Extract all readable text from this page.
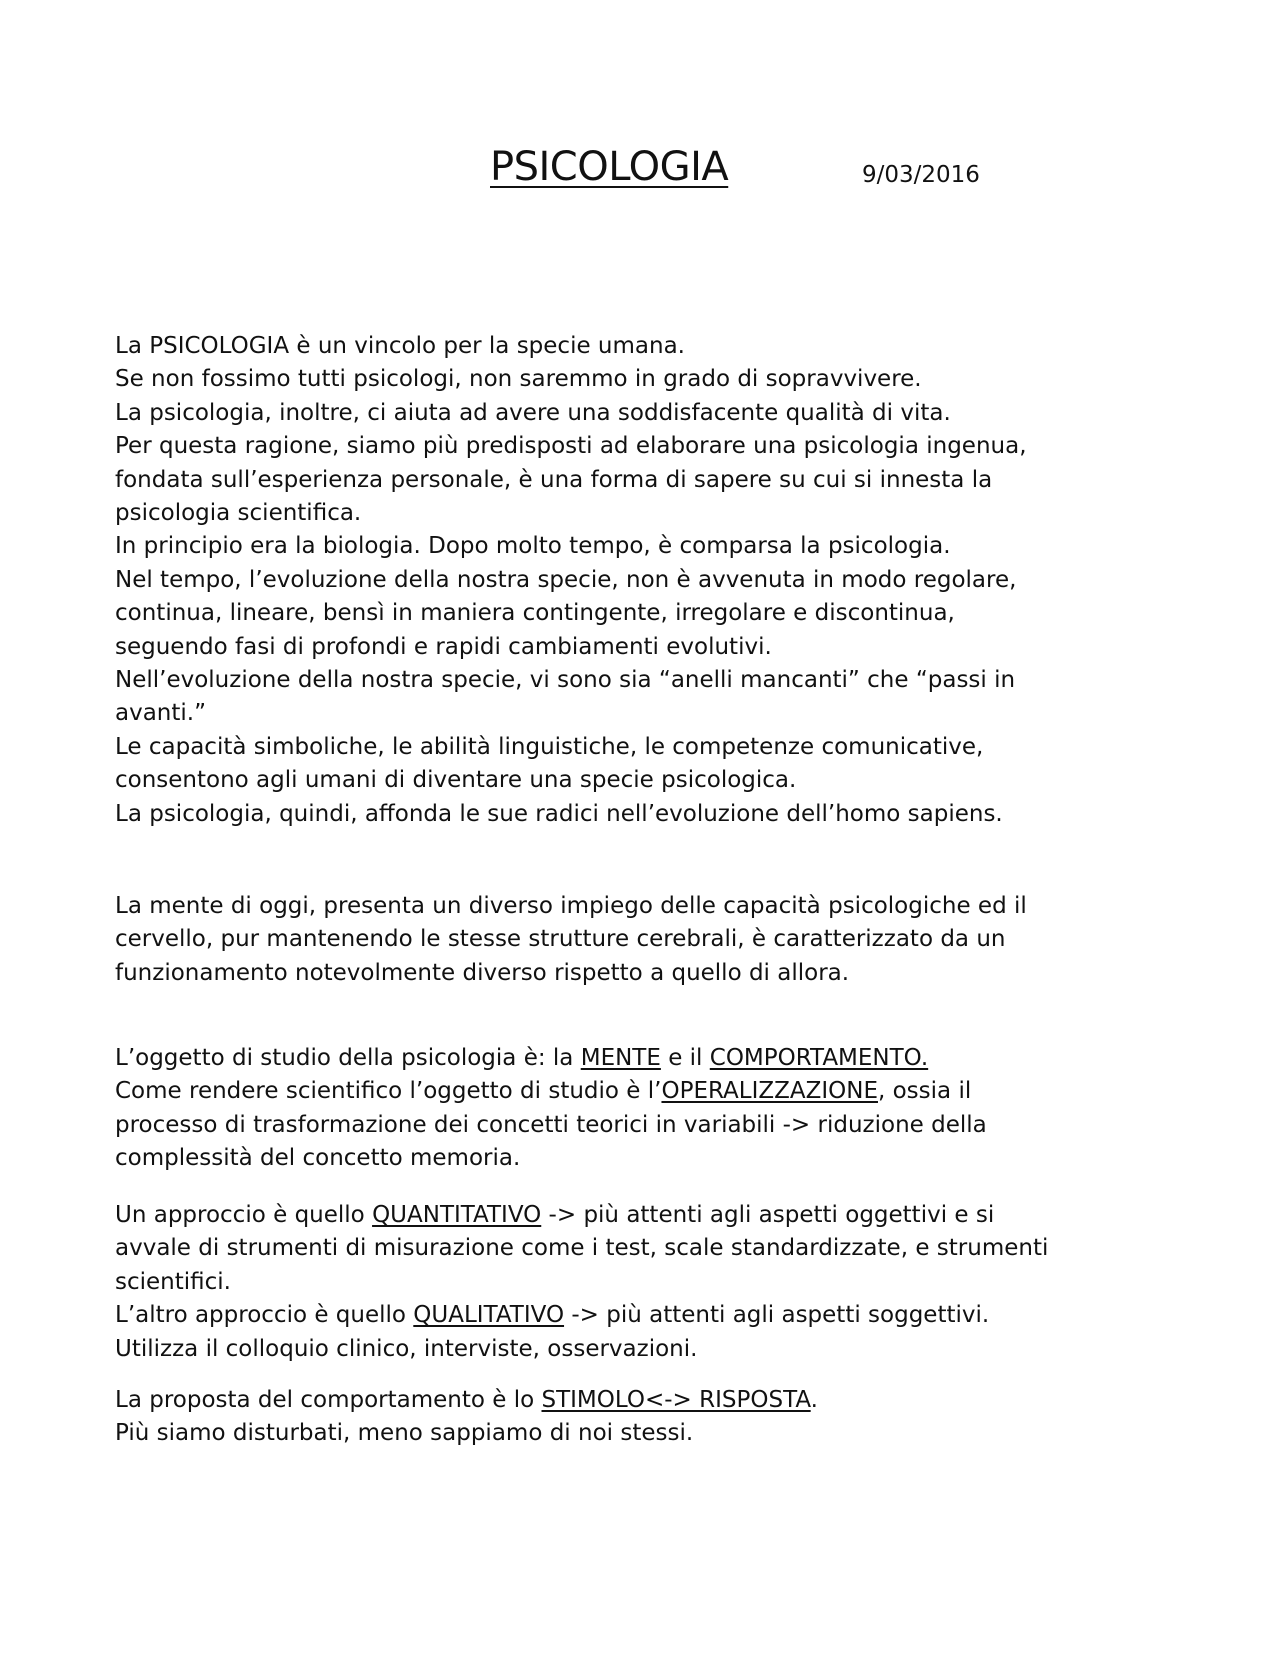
PSICOLOGIA	9/03/2016

La PSICOLOGIA è un vincolo per la specie umana.

Se non fossimo tutti psicologi, non saremmo in grado di sopravvivere.

La psicologia, inoltre, ci aiuta ad avere una soddisfacente qualità di vita.

Per questa ragione, siamo più predisposti ad elaborare una psicologia ingenua,

fondata sull’esperienza personale, è una forma di sapere su cui si innesta la

psicologia scientifica.

In principio era la biologia. Dopo molto tempo, è comparsa la psicologia.

Nel tempo, l’evoluzione della nostra specie, non è avvenuta in modo regolare,

continua, lineare, bensì in maniera contingente, irregolare e discontinua,

seguendo fasi di profondi e rapidi cambiamenti evolutivi.

Nell’evoluzione della nostra specie, vi sono sia “anelli mancanti” che “passi in

avanti.”

Le capacità simboliche, le abilità linguistiche, le competenze comunicative,

consentono agli umani di diventare una specie psicologica.

La psicologia, quindi, affonda le sue radici nell’evoluzione dell’homo sapiens.

La mente di oggi, presenta un diverso impiego delle capacità psicologiche ed il

cervello, pur mantenendo le stesse strutture cerebrali, è caratterizzato da un

funzionamento notevolmente diverso rispetto a quello di allora.

L’oggetto di studio della psicologia è: la MENTE e il COMPORTAMENTO.

Come rendere scientifico l’oggetto di studio è l’OPERALIZZAZIONE, ossia il

processo di trasformazione dei concetti teorici in variabili -> riduzione della

complessità del concetto memoria.

Un approccio è quello QUANTITATIVO -> più attenti agli aspetti oggettivi e si

avvale di strumenti di misurazione come i test, scale standardizzate, e strumenti

scientifici.

L’altro approccio è quello QUALITATIVO -> più attenti agli aspetti soggettivi.

Utilizza il colloquio clinico, interviste, osservazioni.

La proposta del comportamento è lo STIMOLO<-> RISPOSTA.

Più siamo disturbati, meno sappiamo di noi stessi.
